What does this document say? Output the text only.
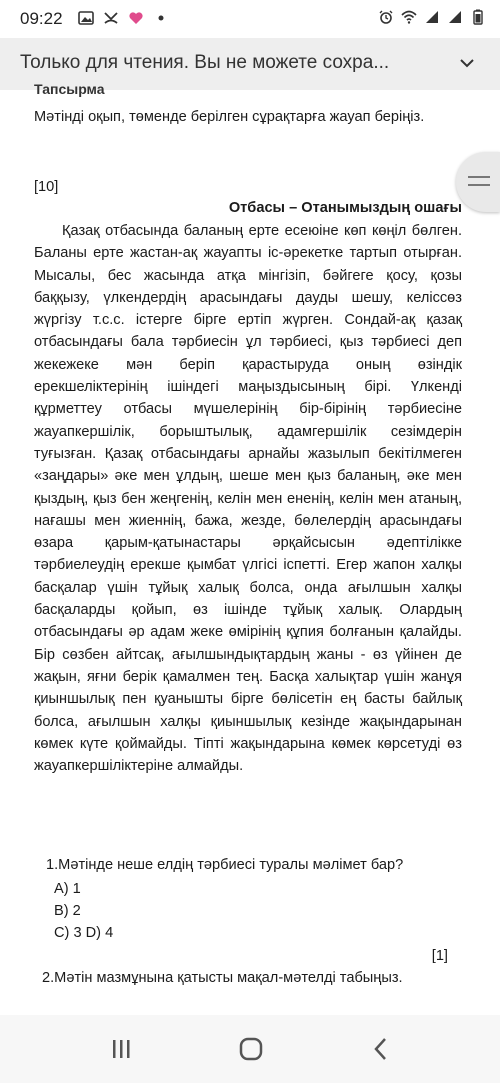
09:22
Только для чтения. Вы не можете сохра...
Тапсырма
Мәтінді оқып, төменде берілген сұрақтарға жауап беріңіз.
[10]
Отбасы – Отанымыздың ошағы
Қазақ отбасында баланың ерте есеюіне көп көңіл бөлген. Баланы ерте жастан-ақ жауапты іс-әрекетке тартып отырған. Мысалы, бес жасында атқа мінгізіп, бәйгеге қосу, қозы баққызу, үлкендердің арасындағы дауды шешу, келіссөз жүргізу т.с.с. істерге бірге ертіп жүрген. Сондай-ақ қазақ отбасындағы бала тәрбиесін ұл тәрбиесі, қыз тәрбиесі деп жекежеке мән беріп қарастыруда оның өзіндік ерекшеліктерінің ішіндегі маңыздысының бірі. Үлкенді құрметтеу отбасы мүшелерінің бір-бірінің тәрбиесіне жауапкершілік, борыштылық, адамгершілік сезімдерін туғызған. Қазақ отбасындағы арнайы жазылып бекітілмеген «заңдары» әке мен ұлдың, шеше мен қыз баланың, әке мен қыздың, қыз бен жеңгенің, келін мен ененің, келін мен атаның, нағашы мен жиеннің, бажа, жезде, бөлелердің арасындағы өзара қарым-қатынастары әрқайсысын әдептілікке тәрбиелеудің ерекше қымбат үлгісі іспетті. Егер жапон халқы басқалар үшін тұйық халық болса, онда ағылшын халқы басқаларды қойып, өз ішінде тұйық халық. Олардың отбасындағы әр адам жеке өмірінің құпия болғанын қалайды. Бір сөзбен айтсақ, ағылшындықтардың жаны - өз үйінен де жақын, яғни берік қамалмен тең. Басқа халықтар үшін жанұя қиыншылық пен қуанышты бірге бөлісетін ең басты байлық болса, ағылшын халқы қиыншылық кезінде жақындарынан көмек күте қоймайды. Тіпті жақындарына көмек көрсетуді өз жауапкершіліктеріне алмайды.
1.Мәтінде неше елдің тәрбиесі туралы мәлімет бар?
A) 1
B) 2
C) 3 D) 4
[1]
2.Мәтін мазмұнына қатысты мақал-мәтелді табыңыз.
